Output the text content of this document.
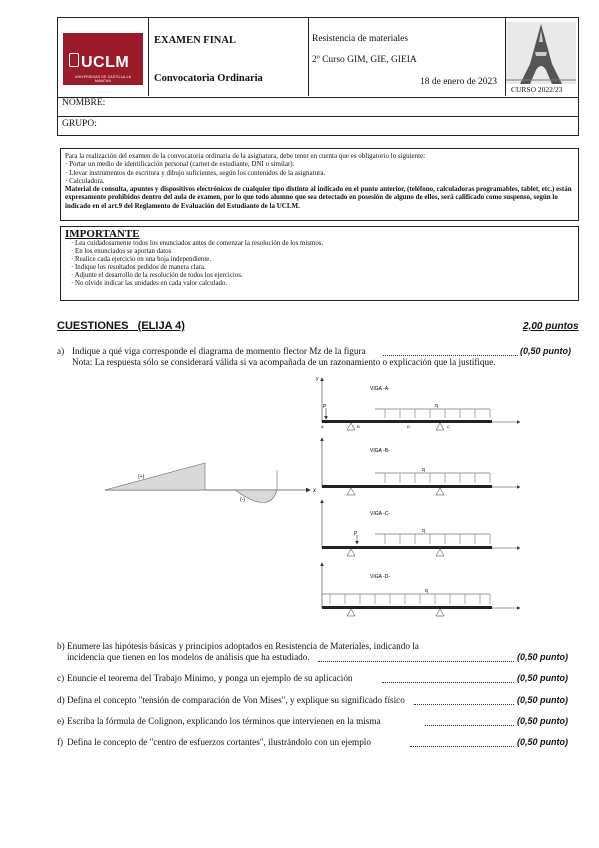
UCLM
UNIVERSIDAD DE CASTILLA-LA MANCHA
EXAMEN FINAL
Convocatoria Ordinaria
Resistencia de materiales
2º Curso GIM, GIE, GIEIA
18 de enero de 2023
CURSO 2022/23
NOMBRE:
GRUPO:
Para la realización del examen de la convocatoria ordinaria de la asignatura, debe tener en cuenta que es obligatorio lo siguiente:
· Portar un medio de identificación personal (carnet de estudiante, DNI o similar).
· Llevar instrumentos de escritura y dibujo suficientes, según los contenidos de la asignatura.
· Calculadora.
Material de consulta, apuntes y dispositivos electrónicos de cualquier tipo distinto al indicado en el punto anterior, (teléfono, calculadoras programables, tablet, etc.) están expresamente prohibidos dentro del aula de examen, por lo que todo alumno que sea detectado en posesión de alguno de ellos, será calificado como suspenso, según lo indicado en el art.9 del Reglamento de Evaluación del Estudiante de la UCLM.
IMPORTANTE
· Lea cuidadosamente todos los enunciados antes de comenzar la resolución de los mismos.
· En los enunciados se aportan datos
· Realice cada ejercicio en una hoja independiente.
· Indique los resultados pedidos de manera clara.
· Adjunte el desarrollo de la resolución de todos los ejercicios.
· No olvide indicar las unidades en cada valor calculado.
CUESTIONES   (ELIJA 4)	2,00 puntos
a) Indique a qué viga corresponde el diagrama de momento flector Mz de la figura	(0,50 punto)
Nota: La respuesta sólo se considerará válida si va acompañada de un razonamiento o explicación que la justifique.
(+)
(-)
x
y
VIGA -A-
P	q
A	B	D	C
VIGA -B-
q
VIGA -C-
P	q
VIGA -D-
q
b) Enumere las hipótesis básicas y principios adoptados en Resistencia de Materiales, indicando la
incidencia que tienen en los modelos de análisis que ha estudiado.	(0,50 punto)
c) Enuncie el teorema del Trabajo Mínimo, y ponga un ejemplo de su aplicación	(0,50 punto)
d) Defina el concepto "tensión de comparación de Von Mises", y explique su significado físico	(0,50 punto)
e) Escriba la fórmula de Colignon, explicando los términos que intervienen en la misma	(0,50 punto)
f) Defina le concepto de "centro de esfuerzos cortantes", ilustrándolo con un ejemplo	(0,50 punto)
